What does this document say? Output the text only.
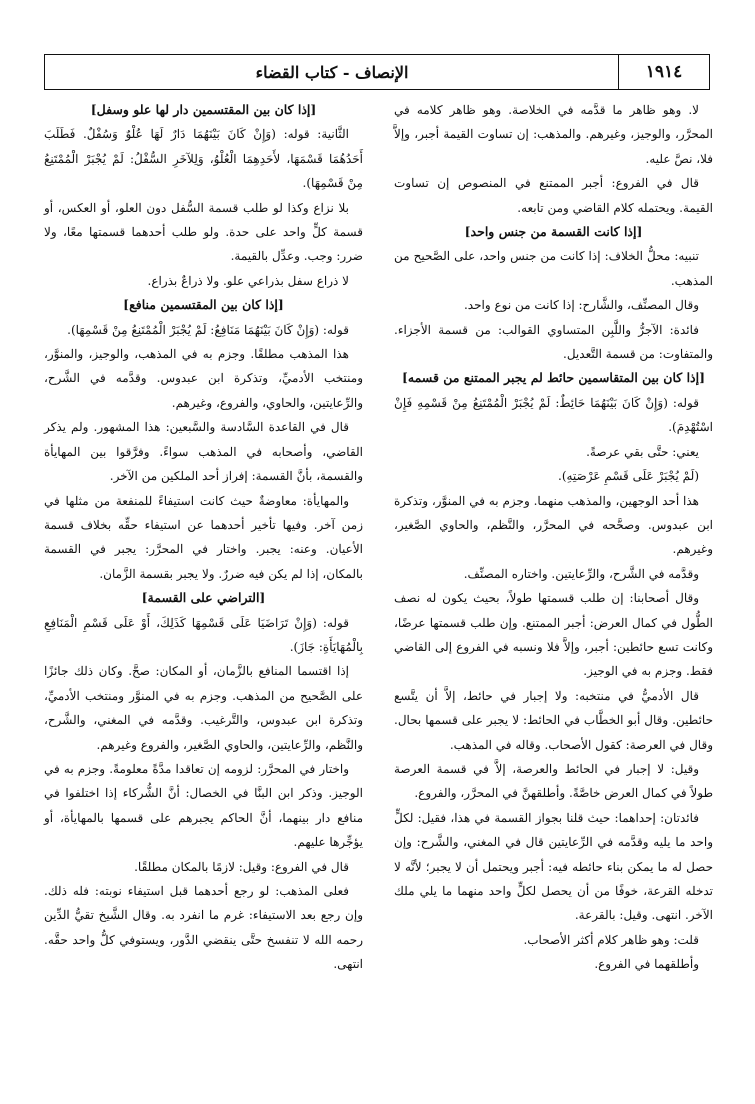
١٩١٤
الإنصاف - كتاب القضاء

لا. وهو ظاهر ما قدَّمه في الخلاصة. وهو ظاهر كلامه في المحرَّر، والوجيز، وغيرهم. والمذهب: إن تساوت القيمة أجبر، وإلاَّ فلا، نصَّ عليه.

قال في الفروع: أجبر الممتنع في المنصوص إن تساوت القيمة. ويحتمله كلام القاضي ومن تابعه.

[إذا كانت القسمة من جنس واحد]

تنبيه: محلُّ الخلاف: إذا كانت من جنس واحد، على الصَّحيح من المذهب.

وقال المصنِّف، والشَّارح: إذا كانت من نوع واحد.

فائدة: الآجرُّ واللَّبِن المتساوي القوالب: من قسمة الأجزاء. والمتفاوت: من قسمة التَّعديل.

[إذا كان بين المتقاسمين حائط لم يجبر الممتنع من قسمه]

قوله: (وَإِنْ كَانَ بَيْنَهُمَا حَائِطٌ: لَمْ يُجْبَرْ الْمُمْتَنِعُ مِنْ قَسْمِهِ فَإِنْ اسْتُهْدِمَ).

يعني: حتَّى بقي عرصةً.

(لَمْ يُجْبَرْ عَلَى قَسْمِ عَرْصَتِهِ).

هذا أحد الوجهين، والمذهب منهما. وجزم به في المنوَّر، وتذكرة ابن عبدوس. وصحَّحه في المحرَّر، والنَّظم، والحاوي الصَّغير، وغيرهم.

وقدَّمه في الشَّرح، والرِّعايتين. واختاره المصنِّف.

وقال أصحابنا: إن طلب قسمتها طولاً، بحيث يكون له نصف الطُّول في كمال العرض: أجبر الممتنع. وإن طلب قسمتها عرضًا، وكانت تسع حائطين: أجبر، وإلاَّ فلا ونسبه في الفروع إلى القاضي فقط. وجزم به في الوجيز.

قال الأدميُّ في منتخبه: ولا إجبار في حائط، إلاَّ أن يتَّسع حائطين. وقال أبو الخطَّاب في الحائط: لا يجبر على قسمها بحال. وقال في العرصة: كقول الأصحاب. وقاله في المذهب.

وقيل: لا إجبار في الحائط والعرصة، إلاَّ في قسمة العرصة طولاً في كمال العرض خاصَّةً. وأطلقهنَّ في المحرَّر، والفروع.

فائدتان: إحداهما: حيث قلنا بجواز القسمة في هذا، فقيل: لكلٍّ واحد ما يليه وقدَّمه في الرِّعايتين قال في المغني، والشَّرح: وإن حصل له ما يمكن بناء حائطه فيه: أجبر ويحتمل أن لا يجبر؛ لأنَّه لا تدخله القرعة، خوفًا من أن يحصل لكلٍّ واحد منهما ما يلي ملك الآخر. انتهى. وقيل: بالقرعة.

قلت: وهو ظاهر كلام أكثر الأصحاب.

وأطلقهما في الفروع.

[إذا كان بين المقتسمين دار لها علو وسفل]

الثَّانية: قوله: (وَإِنْ كَانَ بَيْنَهُمَا دَارٌ لَهَا عُلْوٌ وَسُفْلٌ. فَطَلَبَ أَحَدُهُمَا قَسْمَهَا، لأَحَدِهِمَا الْعُلْوُ، وَلِلآخَرِ السُّفْلُ: لَمْ يُجْبَرْ الْمُمْتَنِعُ مِنْ قَسْمِهَا).

بلا نزاع وكذا لو طلب قسمة السُّفل دون العلو، أو العكس، أو قسمة كلٍّ واحد على حدة. ولو طلب أحدهما قسمتها معًا، ولا ضرر: وجب. وعدِّل بالقيمة.

لا ذراع سفل بذراعي علو. ولا ذراعٌ بذراع.

[إذا كان بين المقتسمين منافع]

قوله: (وَإِنْ كَانَ بَيْنَهُمَا مَنَافِعُ: لَمْ يُجْبَرْ الْمُمْتَنِعُ مِنْ قَسْمِهَا).

هذا المذهب مطلقًا. وجزم به في المذهب، والوجيز، والمنوَّر، ومنتخب الأدميِّ، وتذكرة ابن عبدوس. وقدَّمه في الشَّرح، والرِّعايتين، والحاوي، والفروع، وغيرهم.

قال في القاعدة السَّادسة والسَّبعين: هذا المشهور. ولم يذكر القاضي، وأصحابه في المذهب سواءً. وفرَّقوا بين المهايأة والقسمة، بأنَّ القسمة: إفراز أحد الملكين من الآخر.

والمهايأة: معاوضةٌ حيث كانت استيفاءً للمنفعة من مثلها في زمن آخر. وفيها تأخير أحدهما عن استيفاء حقِّه بخلاف قسمة الأعيان. وعنه: يجبر. واختار في المحرَّر: يجبر في القسمة بالمكان، إذا لم يكن فيه ضررٌ. ولا يجبر بقسمة الزَّمان.

[التراضي على القسمة]

قوله: (وَإِنْ تَرَاضَيَا عَلَى قَسْمِهَا كَذَلِكَ، أَوْ عَلَى قَسْمِ الْمَنَافِعِ بِالْمُهَايَأَةِ: جَازَ).

إذا اقتسما المنافع بالزَّمان، أو المكان: صحَّ. وكان ذلك جائزًا على الصَّحيح من المذهب. وجزم به في المنوَّر ومنتخب الأدميِّ، وتذكرة ابن عبدوس، والتَّرغيب. وقدَّمه في المغني، والشَّرح، والنَّظم، والرِّعايتين، والحاوي الصَّغير، والفروع وغيرهم.

واختار في المحرَّر: لزومه إن تعاقدا مدَّةً معلومةً. وجزم به في الوجيز. وذكر ابن البنَّا في الخصال: أنَّ الشُّركاء إذا اختلفوا في منافع دار بينهما، أنَّ الحاكم يجبرهم على قسمها بالمهايأة، أو يؤجِّرها عليهم.

قال في الفروع: وقيل: لازمًا بالمكان مطلقًا.

فعلى المذهب: لو رجع أحدهما قبل استيفاء نوبته: فله ذلك. وإن رجع بعد الاستيفاء: غرم ما انفرد به. وقال الشَّيخ تقيُّ الدِّين رحمه الله لا تنفسخ حتَّى ينقضي الدَّور، ويستوفي كلُّ واحد حقَّه. انتهى.
